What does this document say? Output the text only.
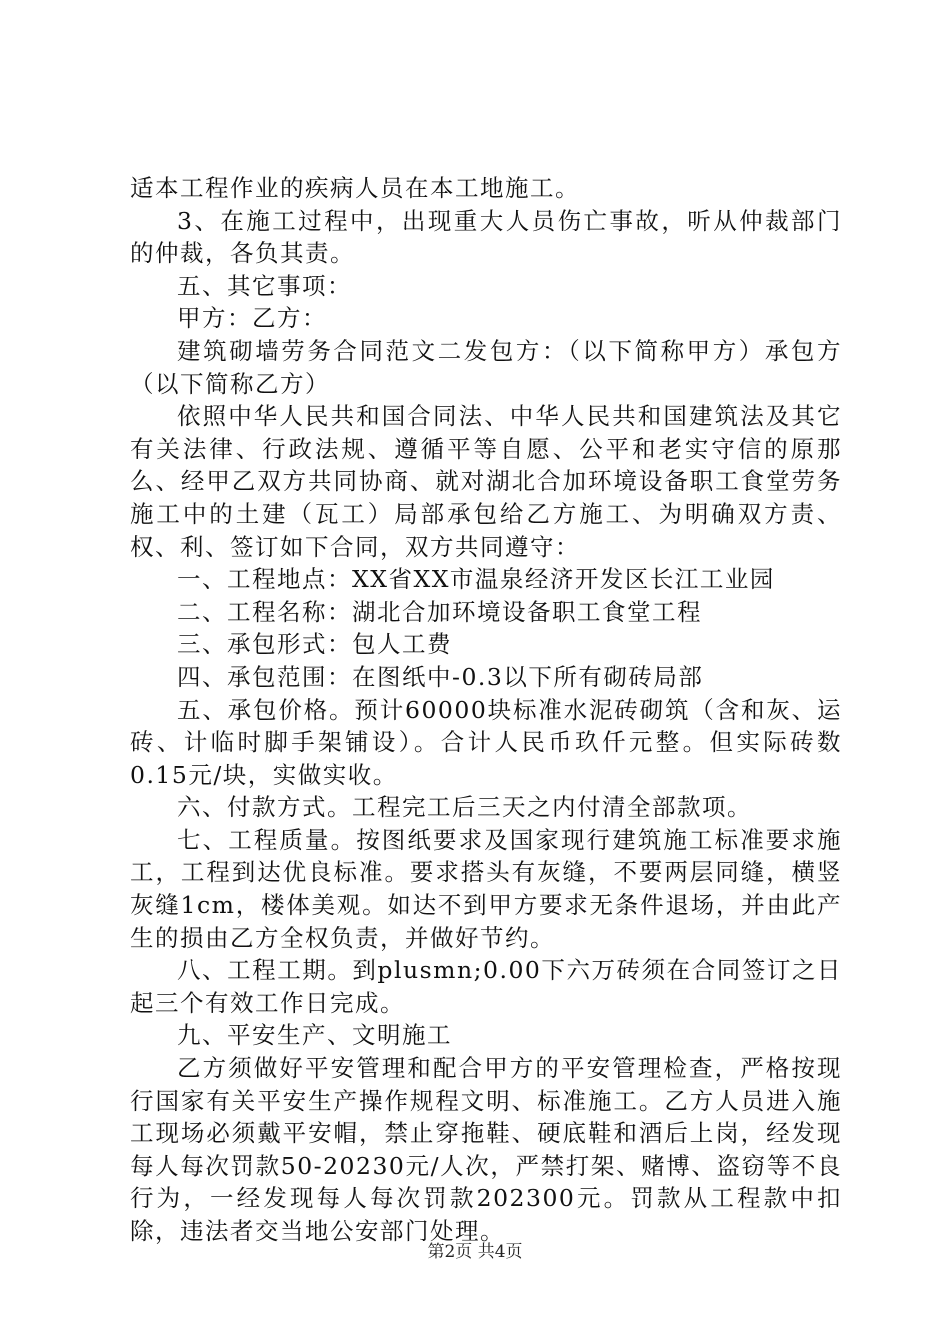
适本工程作业的疾病人员在本工地施工。

3、在施工过程中，出现重大人员伤亡事故，听从仲裁部门的仲裁，各负其责。

五、其它事项：

甲方：乙方：

建筑砌墙劳务合同范文二发包方：（以下简称甲方）承包方（以下简称乙方）

依照中华人民共和国合同法、中华人民共和国建筑法及其它有关法律、行政法规、遵循平等自愿、公平和老实守信的原那么、经甲乙双方共同协商、就对湖北合加环境设备职工食堂劳务施工中的土建（瓦工）局部承包给乙方施工、为明确双方责、权、利、签订如下合同，双方共同遵守：

一、工程地点：XX省XX市温泉经济开发区长江工业园

二、工程名称：湖北合加环境设备职工食堂工程

三、承包形式：包人工费

四、承包范围：在图纸中-0.3以下所有砌砖局部

五、承包价格。预计60000块标准水泥砖砌筑（含和灰、运砖、计临时脚手架铺设）。合计人民币玖仟元整。但实际砖数0.15元/块，实做实收。

六、付款方式。工程完工后三天之内付清全部款项。

七、工程质量。按图纸要求及国家现行建筑施工标准要求施工，工程到达优良标准。要求搭头有灰缝，不要两层同缝，横竖灰缝1cm，楼体美观。如达不到甲方要求无条件退场，并由此产生的损由乙方全权负责，并做好节约。

八、工程工期。到plusmn;0.00下六万砖须在合同签订之日起三个有效工作日完成。

九、平安生产、文明施工

乙方须做好平安管理和配合甲方的平安管理检查，严格按现行国家有关平安生产操作规程文明、标准施工。乙方人员进入施工现场必须戴平安帽，禁止穿拖鞋、硬底鞋和酒后上岗，经发现每人每次罚款50-20230元/人次，严禁打架、赌博、盗窃等不良行为，一经发现每人每次罚款202300元。罚款从工程款中扣除，违法者交当地公安部门处理。

第2页 共4页
